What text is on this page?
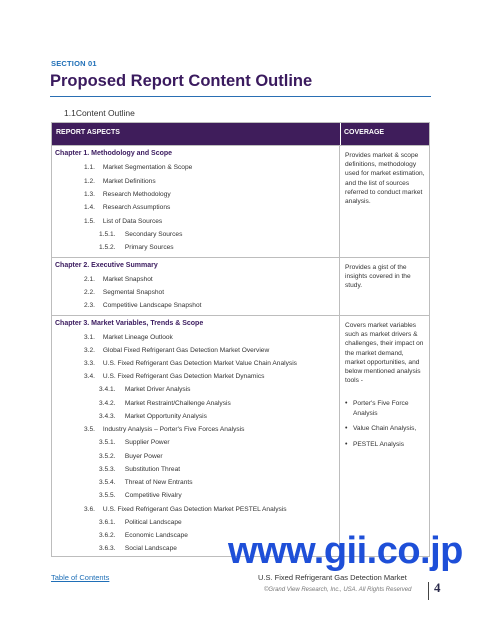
SECTION 01
Proposed Report Content Outline
1.1Content Outline
REPORT ASPECTS	COVERAGE
Chapter 1. Methodology and Scope
1.1. Market Segmentation & Scope
1.2. Market Definitions
1.3. Research Methodology
1.4. Research Assumptions
1.5. List of Data Sources
1.5.1. Secondary Sources
1.5.2. Primary Sources
Provides market & scope definitions, methodology used for market estimation, and the list of sources referred to conduct market analysis.
Chapter 2. Executive Summary
2.1. Market Snapshot
2.2. Segmental Snapshot
2.3. Competitive Landscape Snapshot
Provides a gist of the insights covered in the study.
Chapter 3. Market Variables, Trends & Scope
3.1. Market Lineage Outlook
3.2. Global Fixed Refrigerant Gas Detection Market Overview
3.3. U.S. Fixed Refrigerant Gas Detection Market Value Chain Analysis
3.4. U.S. Fixed Refrigerant Gas Detection Market Dynamics
3.4.1. Market Driver Analysis
3.4.2. Market Restraint/Challenge Analysis
3.4.3. Market Opportunity Analysis
3.5. Industry Analysis – Porter's Five Forces Analysis
3.5.1. Supplier Power
3.5.2. Buyer Power
3.5.3. Substitution Threat
3.5.4. Threat of New Entrants
3.5.5. Competitive Rivalry
3.6. U.S. Fixed Refrigerant Gas Detection Market PESTEL Analysis
3.6.1. Political Landscape
3.6.2. Economic Landscape
3.6.3. Social Landscape
Covers market variables such as market drivers & challenges, their impact on the market demand, market opportunities, and below mentioned analysis tools -
• Porter's Five Force Analysis
• Value Chain Analysis,
• PESTEL Analysis
Table of Contents	U.S. Fixed Refrigerant Gas Detection Market
©Grand View Research, Inc., USA. All Rights Reserved 4
www.gii.co.jp
